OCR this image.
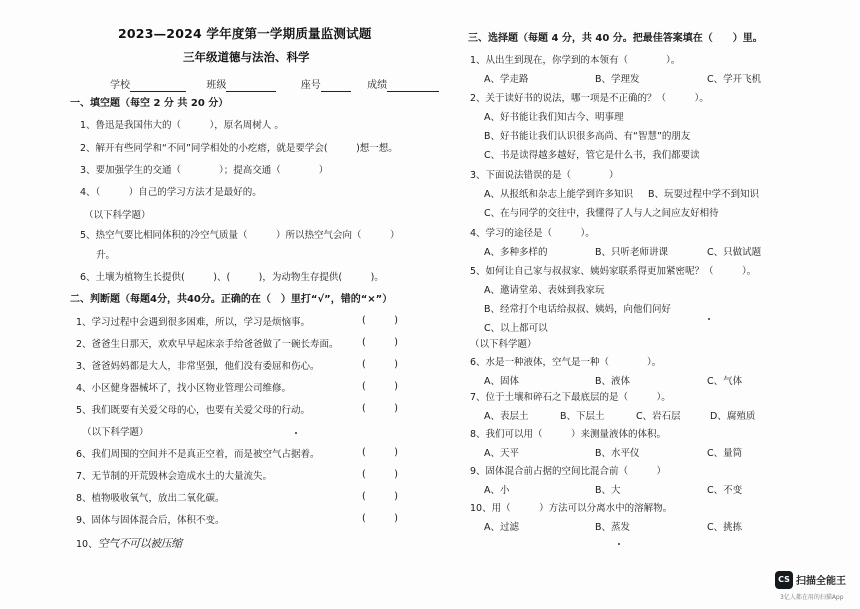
2023—2024 学年度第一学期质量监测试题
三年级道德与法治、科学
学校	班级	座号	成绩
一、填空题（每空 2 分 共 20 分）
1、鲁迅是我国伟大的（　　　），原名周树人 。
2、解开有些同学和“不同”同学相处的小疙瘩，就是要学会(　　　)想一想。
3、要加强学生的交通（　　　　）；提高交通（　　　　）
4、（　　　）自己的学习方法才是最好的。
（以下科学题）
5、热空气要比相同体积的冷空气质量（　　　）所以热空气会向（　　　）
升。
6、土壤为植物生长提供(　　　)、(　　　)，为动物生存提供(　　　)。
二、判断题（每题4分，共40分。正确的在（　）里打“√”，错的“×”）
1、学习过程中会遇到很多困难，所以，学习是烦恼事。	(　　　)
2、爸爸生日那天，欢欢早早起床亲手给爸爸做了一碗长寿面。 (　　　)
3、爸爸妈妈都是大人，非常坚强，他们没有委屈和伤心。	(　　　)
4、小区健身器械坏了，找小区物业管理公司维修。	(　　　)
5、我们既要有关爱父母的心，也要有关爱父母的行动。	(　　　)
（以下科学题）
6、我们周围的空间并不是真正空着，而是被空气占据着。	(　　　)
7、无节制的开荒毁林会造成水土的大量流失。	(　　　)
8、植物吸收氧气，放出二氧化碳。	(　　　)
9、固体与固体混合后，体积不变。	(　　　)
10、空气不可以被压缩
三、选择题（每题 4 分，共 40 分。把最佳答案填在（　　）里。
1、从出生到现在，你学到的本领有（　　　　）。
A、学走路	B、学理发	C、学开飞机
2、关于读好书的说法，哪一项是不正确的？（　　　）。
A、好书能让我们知古今、明事理
B、好书能让我们认识很多高尚、有“智慧”的朋友
C、书是读得越多越好，管它是什么书，我们都要读
3、下面说法错误的是（　　　　）
A、从报纸和杂志上能学到许多知识 B、玩耍过程中学不到知识
C、在与同学的交往中，我懂得了人与人之间应友好相待
4、学习的途径是（　　　）。
A、多种多样的	B、只听老师讲课	C、只做试题
5、如何让自己家与叔叔家、姨妈家联系得更加紧密呢？（　　　）。
A、邀请堂弟、表妹到我家玩
B、经常打个电话给叔叔、姨妈，向他们问好
C、以上都可以
（以下科学题）
6、水是一种液体，空气是一种（　　　　）。
A、固体	B、液体	C、气体
7、位于土壤和碎石之下最底层的是（　　　）。
A、表层土	B、下层土	C、岩石层	D、腐殖质
8、我们可以用（　　　）来测量液体的体积。
A、天平	B、水平仪	C、量筒
9、固体混合前占据的空间比混合前（　　　）
A、小	B、大	C、不变
10、用（　　　）方法可以分离水中的溶解物。
A、过滤	B、蒸发	C、挑拣
CS 扫描全能王
3亿人都在用的扫描App
